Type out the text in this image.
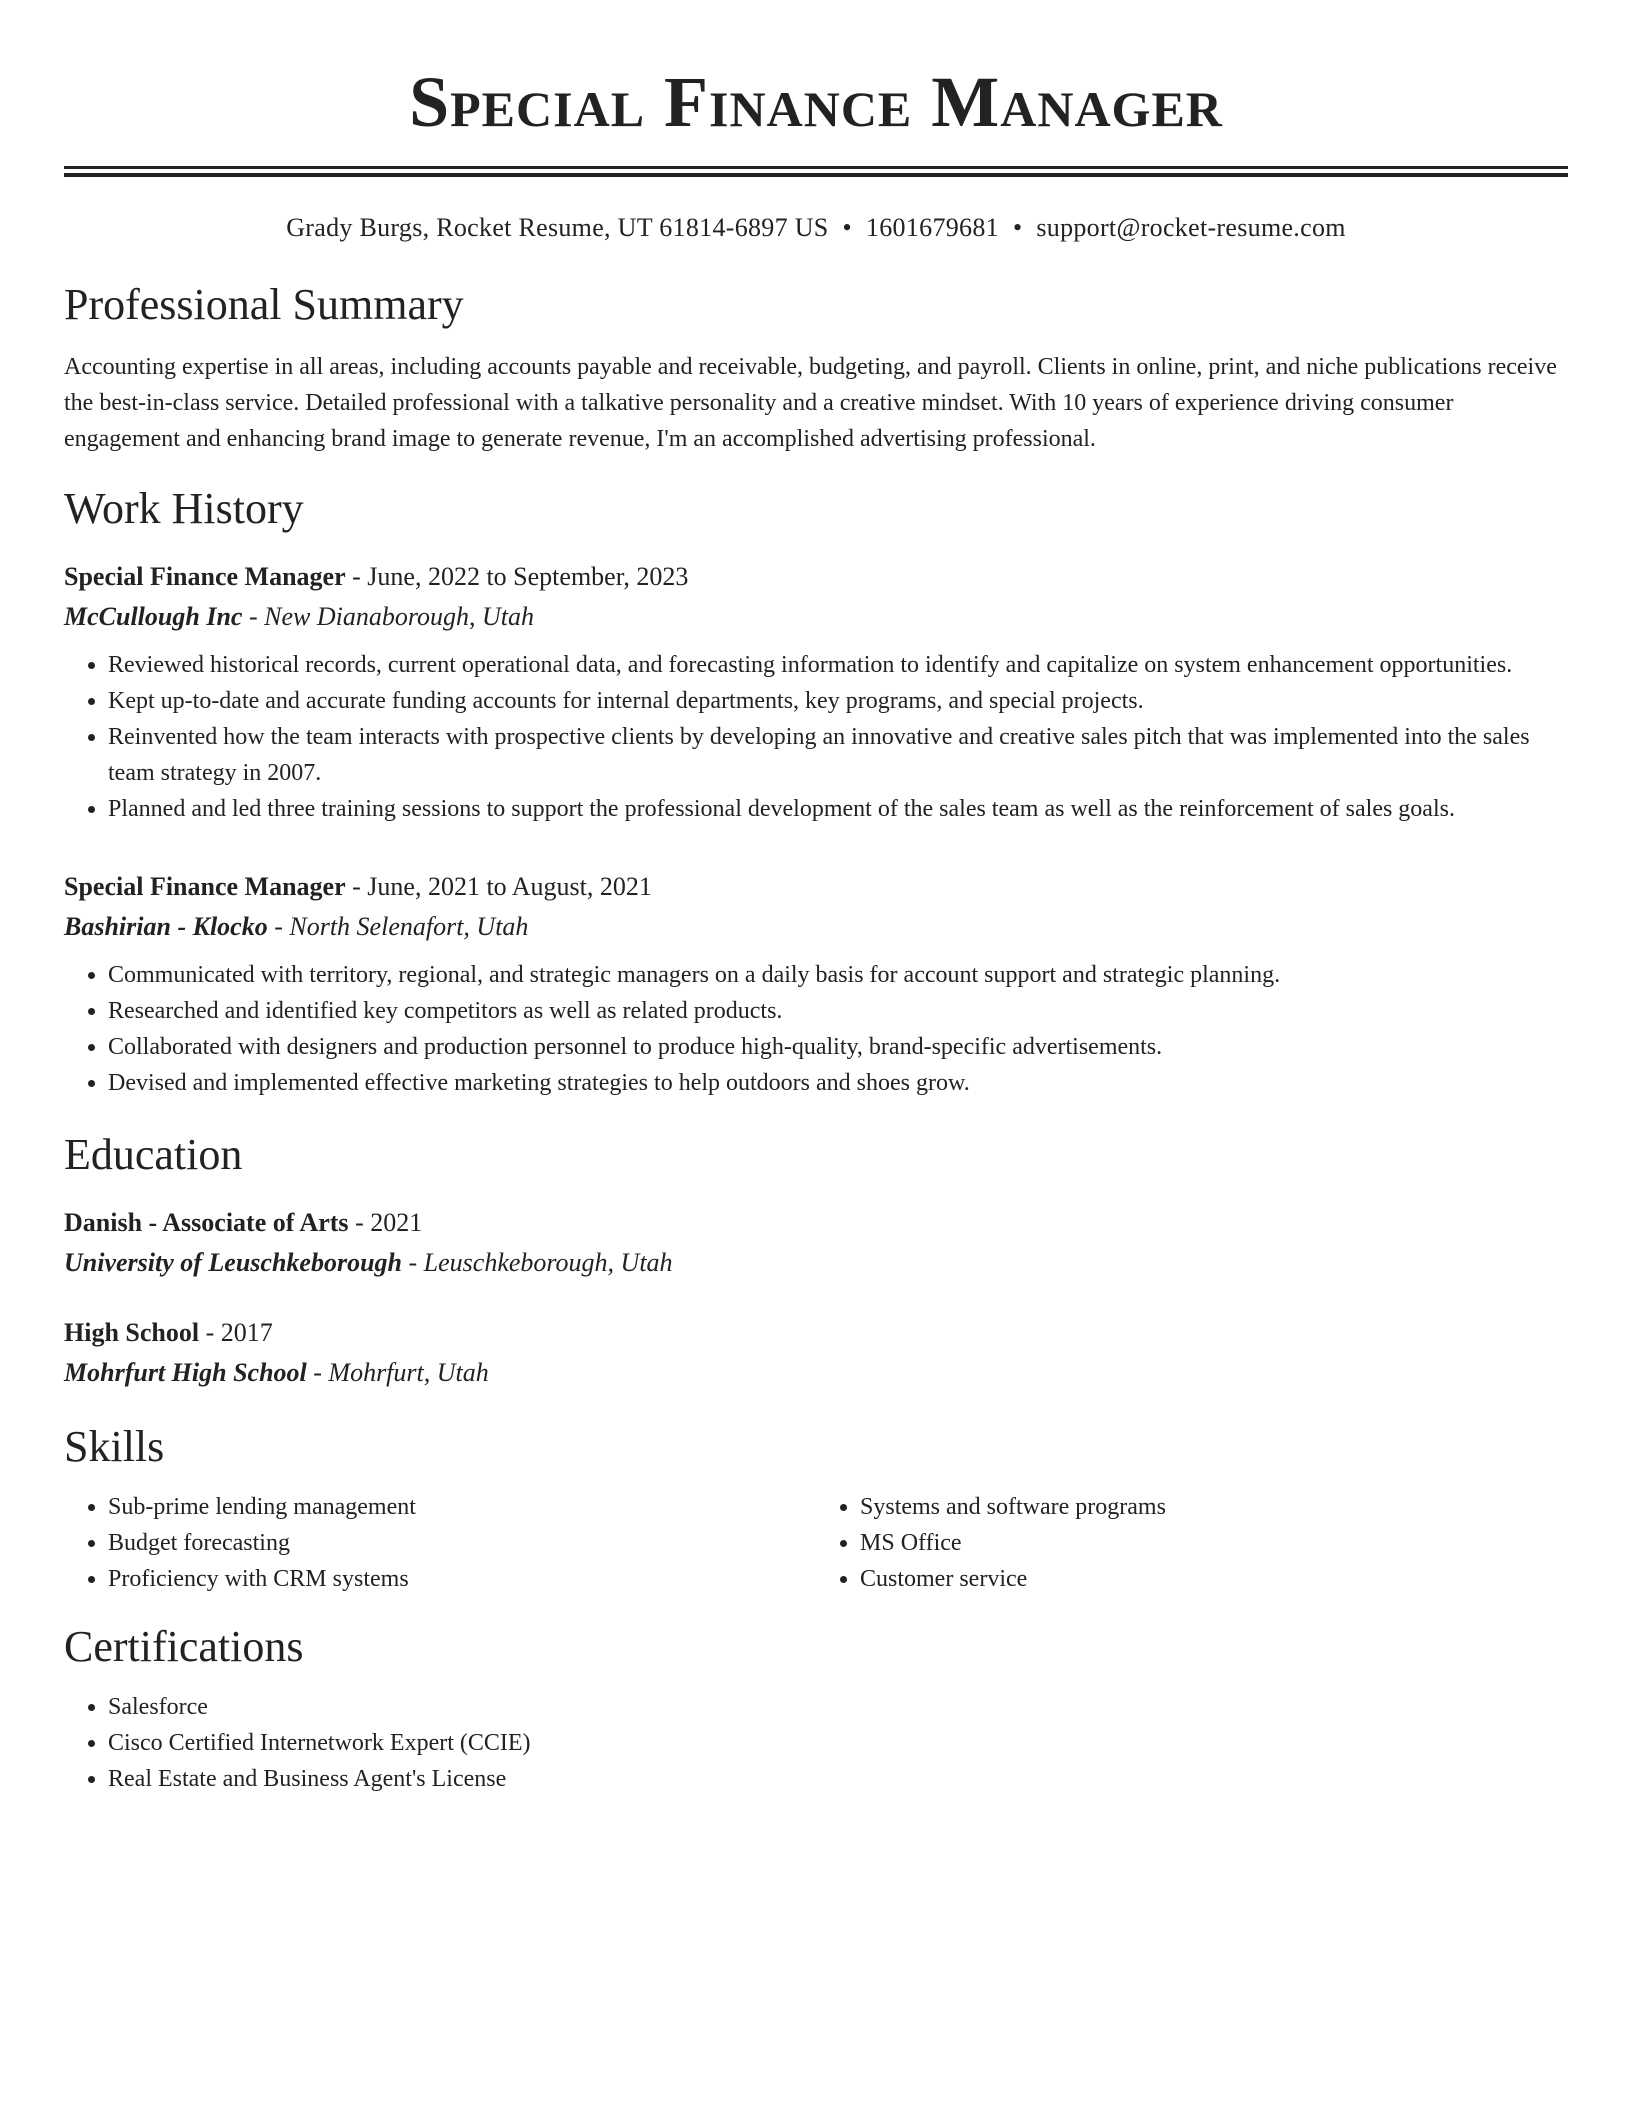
Special Finance Manager
Grady Burgs, Rocket Resume, UT 61814-6897 US • 1601679681 • support@rocket-resume.com
Professional Summary

Accounting expertise in all areas, including accounts payable and receivable, budgeting, and payroll. Clients in online, print, and niche publications receive the best-in-class service. Detailed professional with a talkative personality and a creative mindset. With 10 years of experience driving consumer engagement and enhancing brand image to generate revenue, I'm an accomplished advertising professional.

Work History
Special Finance Manager - June, 2022 to September, 2023
McCullough Inc - New Dianaborough, Utah
• Reviewed historical records, current operational data, and forecasting information to identify and capitalize on system enhancement opportunities.
• Kept up-to-date and accurate funding accounts for internal departments, key programs, and special projects.
• Reinvented how the team interacts with prospective clients by developing an innovative and creative sales pitch that was implemented into the sales team strategy in 2007.
• Planned and led three training sessions to support the professional development of the sales team as well as the reinforcement of sales goals.
Special Finance Manager - June, 2021 to August, 2021
Bashirian - Klocko - North Selenafort, Utah
• Communicated with territory, regional, and strategic managers on a daily basis for account support and strategic planning.
• Researched and identified key competitors as well as related products.
• Collaborated with designers and production personnel to produce high-quality, brand-specific advertisements.
• Devised and implemented effective marketing strategies to help outdoors and shoes grow.
Education
Danish - Associate of Arts - 2021
University of Leuschkeborough - Leuschkeborough, Utah
High School - 2017
Mohrfurt High School - Mohrfurt, Utah
Skills
• Sub-prime lending management
• Budget forecasting
• Proficiency with CRM systems
• Systems and software programs
• MS Office
• Customer service
Certifications
• Salesforce
• Cisco Certified Internetwork Expert (CCIE)
• Real Estate and Business Agent's License
